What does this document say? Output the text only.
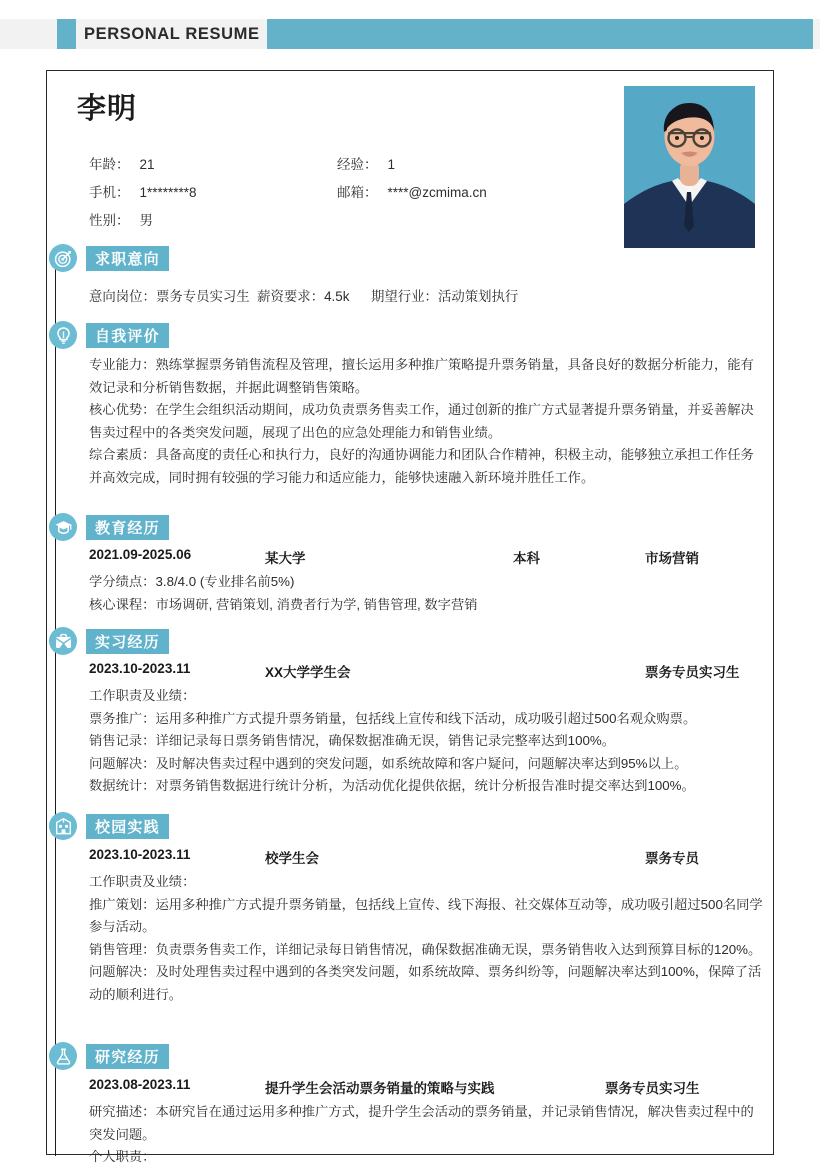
PERSONAL RESUME
李明
年龄： 21	经验： 1
手机： 1********8	邮箱： ****@zcmima.cn
性别： 男
求职意向
意向岗位：票务专员实习生 薪资要求：4.5k	期望行业：活动策划执行
自我评价

专业能力：熟练掌握票务销售流程及管理，擅长运用多种推广策略提升票务销量，具备良好的数据分析能力，能有效记录和分析销售数据，并据此调整销售策略。

核心优势：在学生会组织活动期间，成功负责票务售卖工作，通过创新的推广方式显著提升票务销量，并妥善解决售卖过程中的各类突发问题，展现了出色的应急处理能力和销售业绩。

综合素质：具备高度的责任心和执行力，良好的沟通协调能力和团队合作精神，积极主动，能够独立承担工作任务并高效完成，同时拥有较强的学习能力和适应能力，能够快速融入新环境并胜任工作。

教育经历
2021.09-2025.06	某大学	本科	市场营销

学分绩点：3.8/4.0 (专业排名前5%)

核心课程：市场调研, 营销策划, 消费者行为学, 销售管理, 数字营销

实习经历
2023.10-2023.11	XX大学学生会	票务专员实习生

工作职责及业绩：

票务推广：运用多种推广方式提升票务销量，包括线上宣传和线下活动，成功吸引超过500名观众购票。

销售记录：详细记录每日票务销售情况，确保数据准确无误，销售记录完整率达到100%。

问题解决：及时解决售卖过程中遇到的突发问题，如系统故障和客户疑问，问题解决率达到95%以上。

数据统计：对票务销售数据进行统计分析，为活动优化提供依据，统计分析报告准时提交率达到100%。

校园实践
2023.10-2023.11	校学生会	票务专员

工作职责及业绩：

推广策划：运用多种推广方式提升票务销量，包括线上宣传、线下海报、社交媒体互动等，成功吸引超过500名同学参与活动。

销售管理：负责票务售卖工作，详细记录每日销售情况，确保数据准确无误，票务销售收入达到预算目标的120%。

问题解决：及时处理售卖过程中遇到的各类突发问题，如系统故障、票务纠纷等，问题解决率达到100%，保障了活动的顺利进行。

研究经历
2023.08-2023.11	提升学生会活动票务销量的策略与实践	票务专员实习生

研究描述：本研究旨在通过运用多种推广方式，提升学生会活动的票务销量，并记录销售情况，解决售卖过程中的突发问题。

个人职责：
